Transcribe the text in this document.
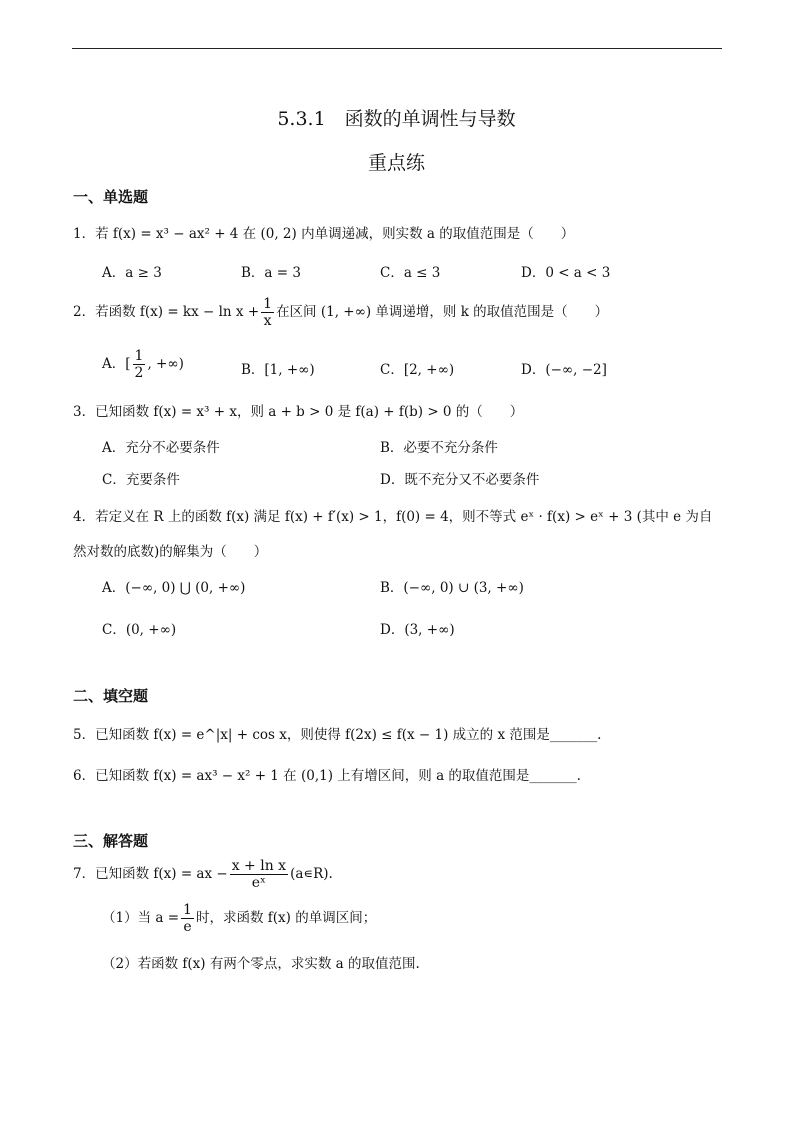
5.3.1　函数的单调性与导数
重点练
一、单选题
1．若 f(x) = x³ − ax² + 4 在 (0, 2) 内单调递减，则实数 a 的取值范围是（　　）
A．a ≥ 3	B．a = 3	C．a ≤ 3	D．0 < a < 3
2．若函数 f(x) = kx − $\ln x + \frac{1}{x}$ 在区间 (1, +∞) 单调递增，则 k 的取值范围是（　　）
A．[ $\frac{1}{2}$ , +∞)	B．[1, +∞)	C．[2, +∞)	D．(−∞, −2]
3．已知函数 f(x) = x³ + x，则 a + b > 0 是 f(a) + f(b) > 0 的（　　）
A．充分不必要条件	B．必要不充分条件
C．充要条件	D．既不充分又不必要条件
4．若定义在 R 上的函数 f(x) 满足 f(x) + f′(x) > 1，f(0) = 4，则不等式 eˣ · f(x) > eˣ + 3 (其中 e 为自
然对数的底数)的解集为（　　）
A．(−∞, 0) ⋃ (0, +∞)	B．(−∞, 0) ∪ (3, +∞)
C．(0, +∞)	D．(3, +∞)
二、填空题
5．已知函数 f(x) = e^|x| + cos x，则使得 f(2x) ≤ f(x − 1) 成立的 x 范围是_______.
6．已知函数 f(x) = ax³ − x² + 1 在 (0,1) 上有增区间，则 a 的取值范围是_______.
三、解答题
7．已知函数 f(x) = ax − $\frac{\text{x + ln x}}{\text{eˣ}}$ (a∊R).
（1）当 $a = \frac{1}{e}$ 时，求函数 f(x) 的单调区间；
（2）若函数 f(x) 有两个零点，求实数 a 的取值范围.
